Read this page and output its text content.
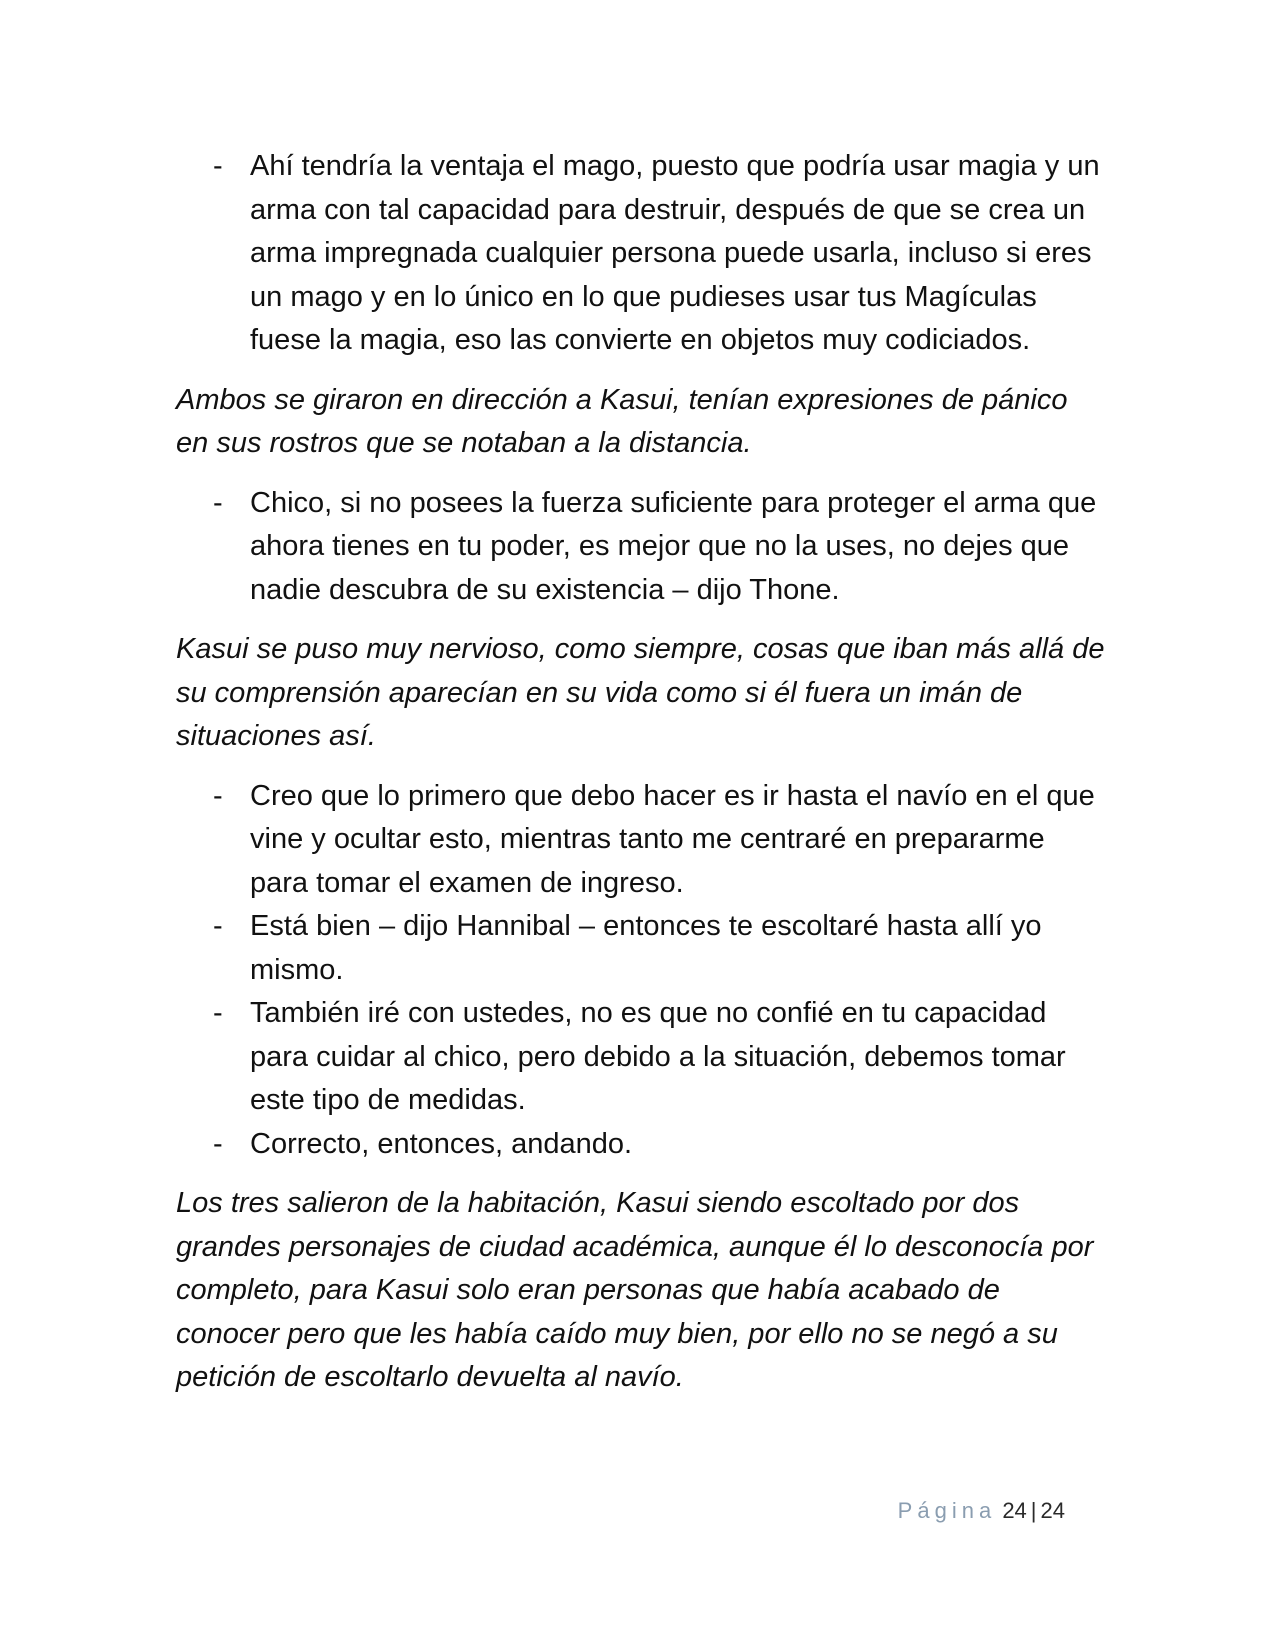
- Ahí tendría la ventaja el mago, puesto que podría usar magia y un arma con tal capacidad para destruir, después de que se crea un arma impregnada cualquier persona puede usarla, incluso si eres un mago y en lo único en lo que pudieses usar tus Magículas fuese la magia, eso las convierte en objetos muy codiciados.

Ambos se giraron en dirección a Kasui, tenían expresiones de pánico en sus rostros que se notaban a la distancia.

- Chico, si no posees la fuerza suficiente para proteger el arma que ahora tienes en tu poder, es mejor que no la uses, no dejes que nadie descubra de su existencia – dijo Thone.

Kasui se puso muy nervioso, como siempre, cosas que iban más allá de su comprensión aparecían en su vida como si él fuera un imán de situaciones así.

- Creo que lo primero que debo hacer es ir hasta el navío en el que vine y ocultar esto, mientras tanto me centraré en prepararme para tomar el examen de ingreso.
- Está bien – dijo Hannibal – entonces te escoltaré hasta allí yo mismo.
- También iré con ustedes, no es que no confié en tu capacidad para cuidar al chico, pero debido a la situación, debemos tomar este tipo de medidas.
- Correcto, entonces, andando.

Los tres salieron de la habitación, Kasui siendo escoltado por dos grandes personajes de ciudad académica, aunque él lo desconocía por completo, para Kasui solo eran personas que había acabado de conocer pero que les había caído muy bien, por ello no se negó a su petición de escoltarlo devuelta al navío.

Página 24 | 24
